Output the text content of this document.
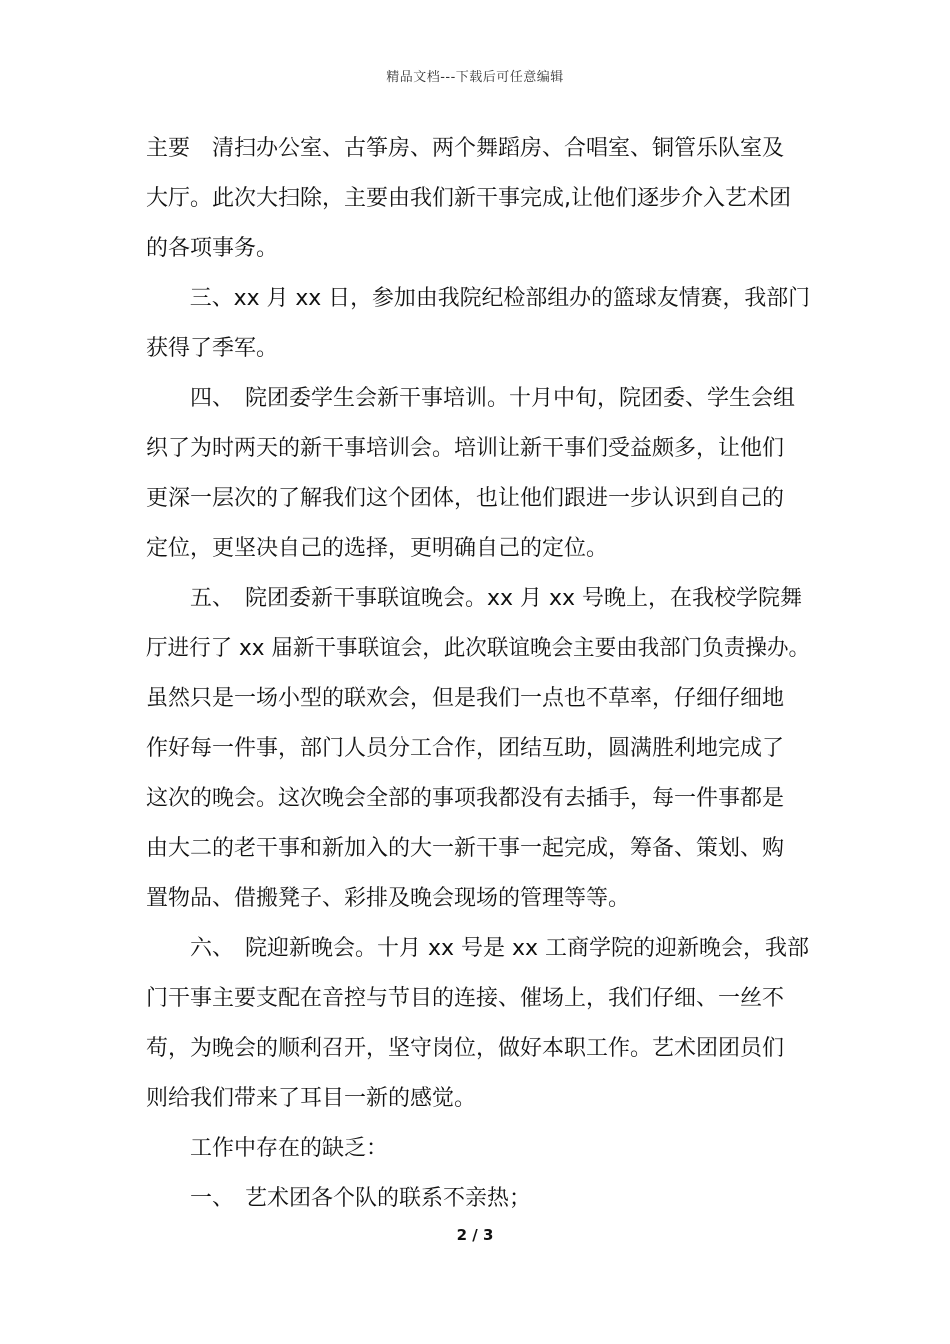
精品文档---下载后可任意编辑
主要　清扫办公室、古筝房、两个舞蹈房、合唱室、铜管乐队室及
大厅。此次大扫除，主要由我们新干事完成,让他们逐步介入艺术团
的各项事务。
　　三、xx 月 xx 日，参加由我院纪检部组办的篮球友情赛，我部门
获得了季军。
　　四、　院团委学生会新干事培训。十月中旬，院团委、学生会组
织了为时两天的新干事培训会。培训让新干事们受益颇多，让他们
更深一层次的了解我们这个团体，也让他们跟进一步认识到自己的
定位，更坚决自己的选择，更明确自己的定位。
　　五、　院团委新干事联谊晚会。xx 月 xx 号晚上，在我校学院舞
厅进行了 xx 届新干事联谊会，此次联谊晚会主要由我部门负责操办。
虽然只是一场小型的联欢会，但是我们一点也不草率，仔细仔细地
作好每一件事，部门人员分工合作，团结互助，圆满胜利地完成了
这次的晚会。这次晚会全部的事项我都没有去插手，每一件事都是
由大二的老干事和新加入的大一新干事一起完成，筹备、策划、购
置物品、借搬凳子、彩排及晚会现场的管理等等。
　　六、　院迎新晚会。十月 xx 号是 xx 工商学院的迎新晚会，我部
门干事主要支配在音控与节目的连接、催场上，我们仔细、一丝不
苟，为晚会的顺利召开，坚守岗位，做好本职工作。艺术团团员们
则给我们带来了耳目一新的感觉。
　　工作中存在的缺乏：
　　一、　艺术团各个队的联系不亲热；
2 / 3
